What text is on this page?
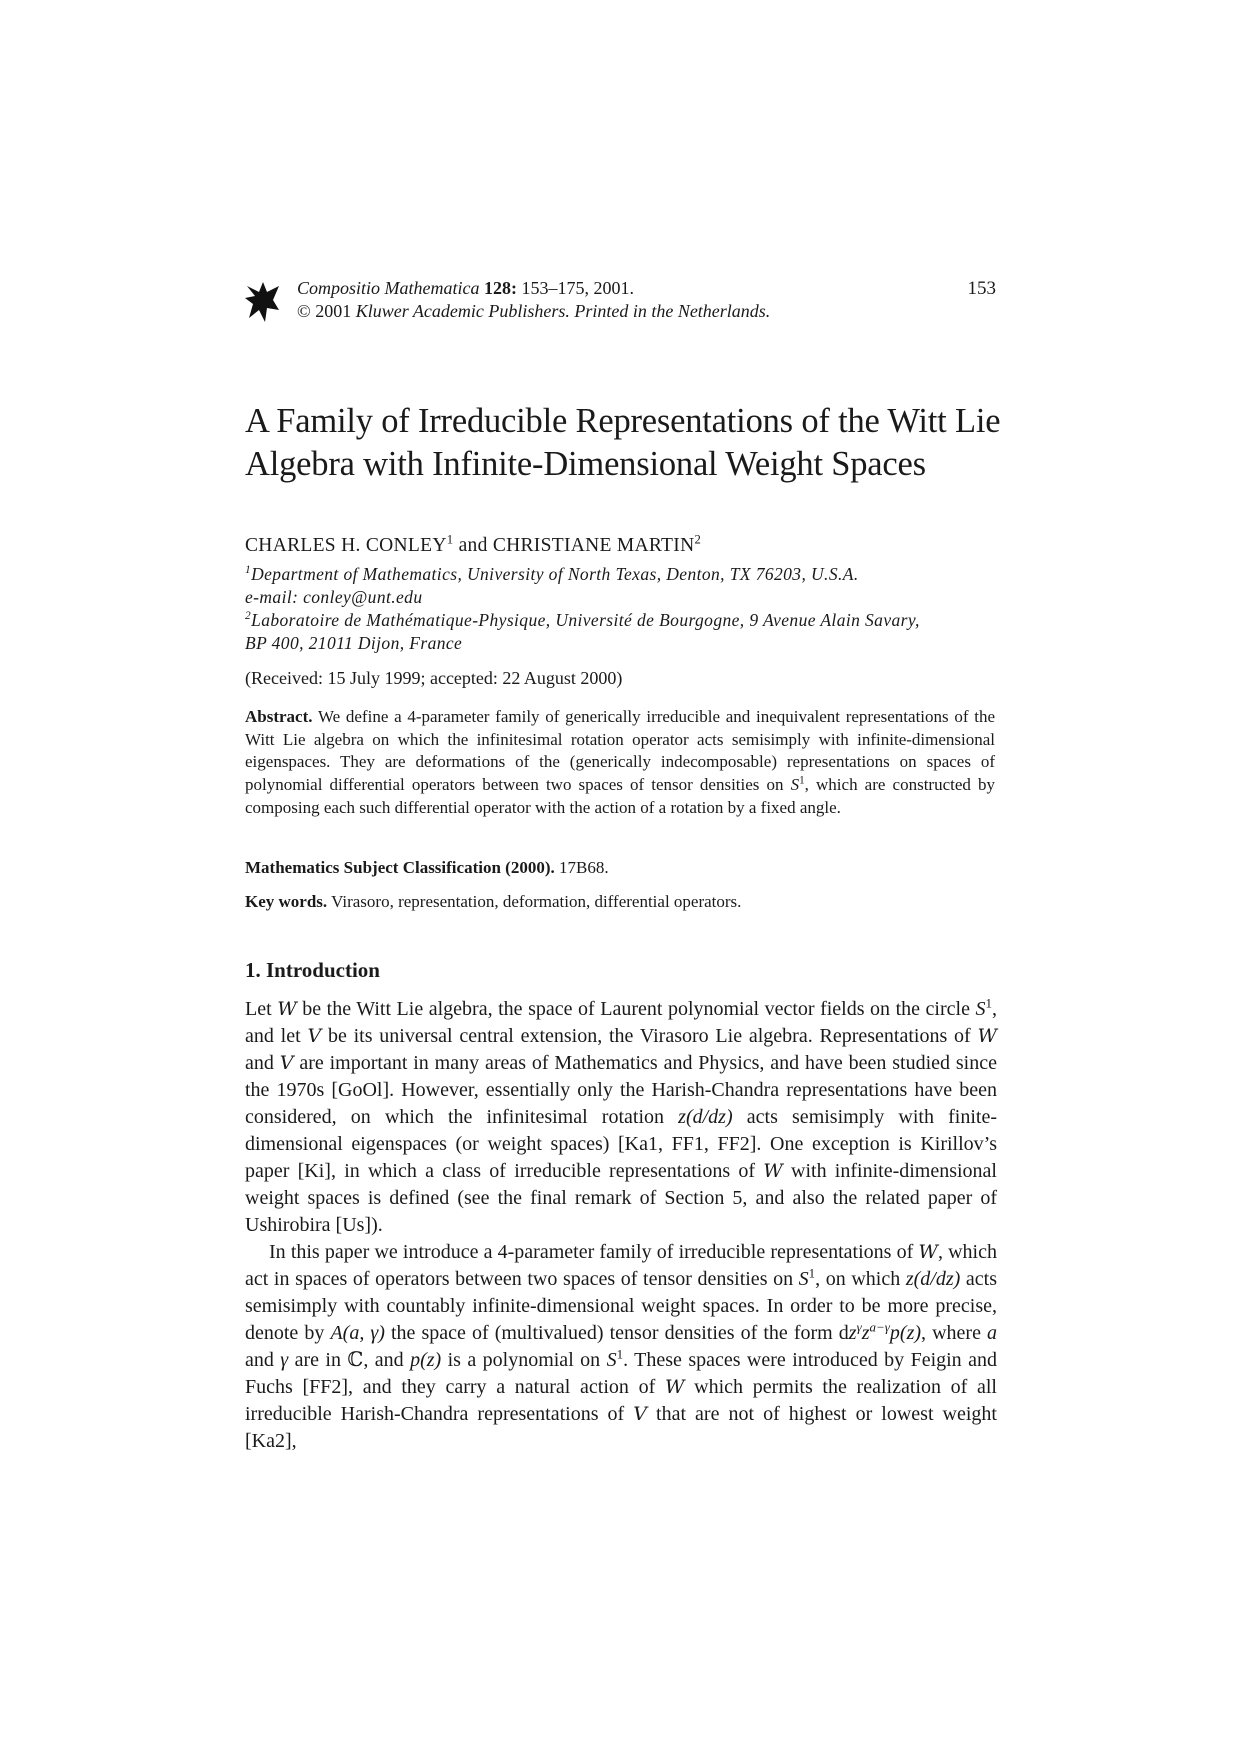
Compositio Mathematica 128: 153–175, 2001.
© 2001 Kluwer Academic Publishers. Printed in the Netherlands.
153
A Family of Irreducible Representations of the Witt Lie
Algebra with Infinite-Dimensional Weight Spaces
CHARLES H. CONLEY$^1$ and CHRISTIANE MARTIN$^2$
$^1$Department of Mathematics, University of North Texas, Denton, TX 76203, U.S.A.
e-mail: conley@unt.edu
$^2$Laboratoire de Mathématique-Physique, Université de Bourgogne, 9 Avenue Alain Savary,
BP 400, 21011 Dijon, France
(Received: 15 July 1999; accepted: 22 August 2000)
Abstract. We define a 4-parameter family of generically irreducible and inequivalent representations of the Witt Lie algebra on which the infinitesimal rotation operator acts semisimply with infinite-dimensional eigenspaces. They are deformations of the (generically indecomposable) representations on spaces of polynomial differential operators between two spaces of tensor densities on $S^1$, which are constructed by composing each such differential operator with the action of a rotation by a fixed angle.
Mathematics Subject Classification (2000). 17B68.
Key words. Virasoro, representation, deformation, differential operators.
1. Introduction

Let W be the Witt Lie algebra, the space of Laurent polynomial vector fields on the circle $S^1$, and let V be its universal central extension, the Virasoro Lie algebra. Representations of W and V are important in many areas of Mathematics and Physics, and have been studied since the 1970s [GoOl]. However, essentially only the Harish-Chandra representations have been considered, on which the infinitesimal rotation z(d/dz) acts semisimply with finite-dimensional eigenspaces (or weight spaces) [Ka1, FF1, FF2]. One exception is Kirillov’s paper [Ki], in which a class of irreducible representations of W with infinite-dimensional weight spaces is defined (see the final remark of Section 5, and also the related paper of Ushirobira [Us]).

In this paper we introduce a 4-parameter family of irreducible representations of W, which act in spaces of operators between two spaces of tensor densities on $S^1$, on which z(d/dz) acts semisimply with countably infinite-dimensional weight spaces. In order to be more precise, denote by A(a, γ) the space of (multivalued) tensor densities of the form $dz^\gamma z^{a-\gamma}p(z)$, where a and γ are in ℂ, and p(z) is a polynomial on $S^1$. These spaces were introduced by Feigin and Fuchs [FF2], and they carry a natural action of W which permits the realization of all irreducible Harish-Chandra representations of V that are not of highest or lowest weight [Ka2],
